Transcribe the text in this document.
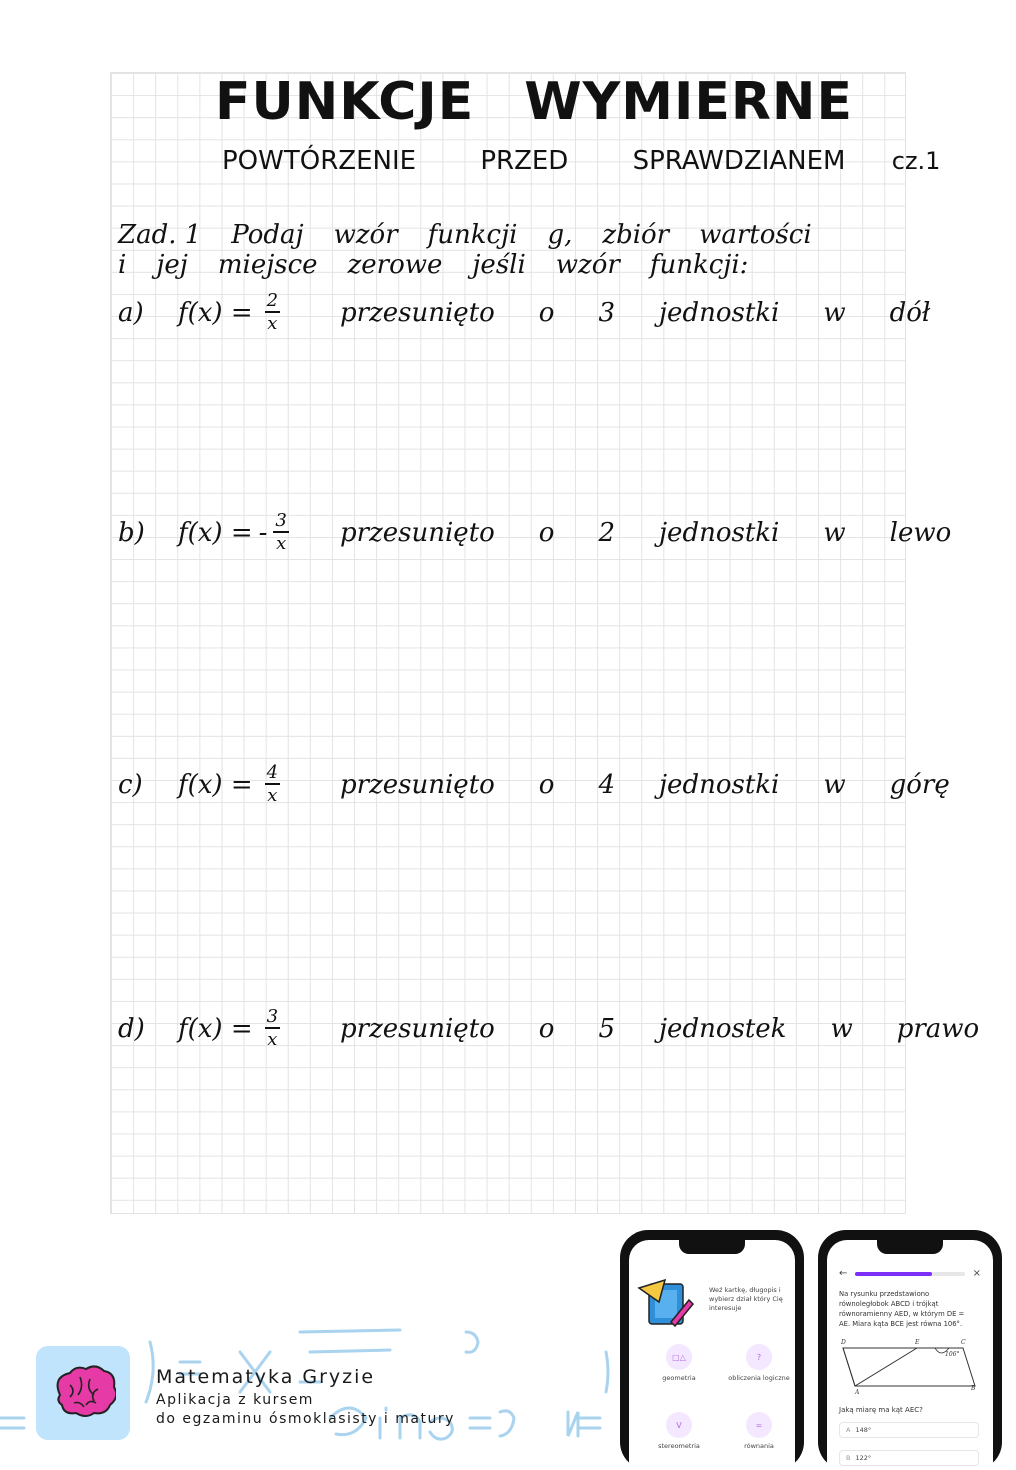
FUNKCJE WYMIERNE
POWTÓRZENIE PRZED SPRAWDZIANEM cz.1
Zad. 1 Podaj wzór funkcji g, zbiór wartości
i jej miejsce zerowe jeśli wzór funkcji:
a)	$f(x) = \frac{2}{x}$ przesunięto o 3 jednostki w dół
b)	f(x) = - $\frac{3}{x}$ przesunięto o 2 jednostki w lewo
c)	$f(x) = \frac{4}{x}$ przesunięto o 4 jednostki w górę
d)	$f(x) = \frac{3}{x}$ przesunięto o 5 jednostek w prawo
Matematyka Gryzie
Aplikacja z kursem
do egzaminu ósmoklasisty i matury
Weź kartkę, długopis i wybierz dział który Cię interesuje
□△
geometria
?
obliczenia logiczne
V
stereometria
=
równania
←	×
Na rysunku przedstawiono równoległobok ABCD i trójkąt równoramienny AED, w którym DE = AE. Miara kąta BCE jest równa 106°.
D	E	C
A
B
106°
Jaką miarę ma kąt AEC?
A 148°
B 122°
